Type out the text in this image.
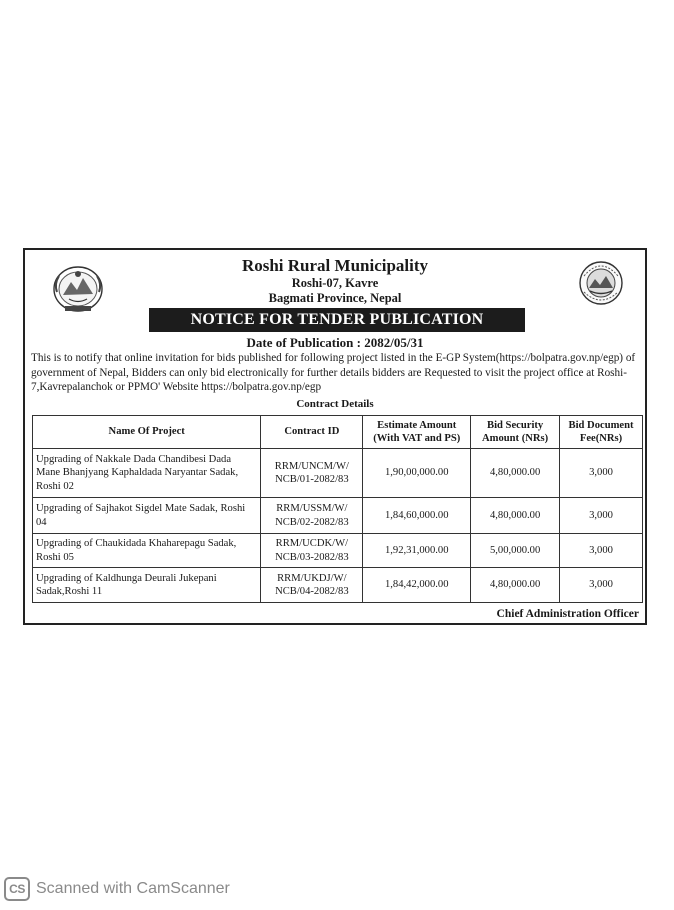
Roshi Rural Municipality
Roshi-07, Kavre
Bagmati Province, Nepal
NOTICE FOR TENDER PUBLICATION
Date of Publication : 2082/05/31
This is to notify that online invitation for bids published for following project listed in the E-GP System(https://bolpatra.gov.np/egp) of government of Nepal, Bidders can only bid electronically for further details bidders are Requested to visit the project office at Roshi-7,Kavrepalanchok or PPMO' Website https://bolpatra.gov.np/egp
Contract Details
Name Of Project	Contract ID	Estimate Amount (With VAT and PS)	Bid Security Amount (NRs)	Bid Document Fee(NRs)
Upgrading of Nakkale Dada Chandibesi Dada Mane Bhanjyang Kaphaldada Naryantar Sadak, Roshi 02	RRM/UNCM/W/ NCB/01-2082/83	1,90,00,000.00	4,80,000.00	3,000
Upgrading of Sajhakot Sigdel Mate Sadak, Roshi 04	RRM/USSM/W/ NCB/02-2082/83	1,84,60,000.00	4,80,000.00	3,000
Upgrading of Chaukidada Khaharepagu Sadak, Roshi 05	RRM/UCDK/W/ NCB/03-2082/83	1,92,31,000.00	5,00,000.00	3,000
Upgrading of Kaldhunga Deurali Jukepani Sadak,Roshi 11	RRM/UKDJ/W/ NCB/04-2082/83	1,84,42,000.00	4,80,000.00	3,000
Chief Administration Officer
CS Scanned with CamScanner
